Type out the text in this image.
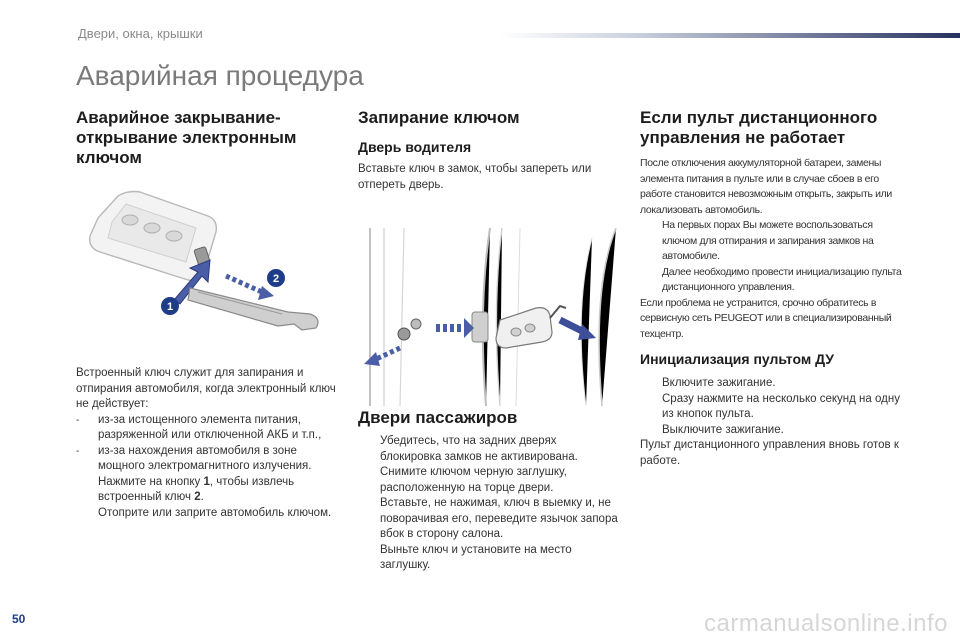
Двери, окна, крышки
Аварийная процедура
Аварийное закрывание-
открывание электронным
ключом
1
2

Встроенный ключ служит для запирания и отпирания автомобиля, когда электронный ключ не действует:

-	из-за истощенного элемента питания, разряженной или отключенной АКБ и т.п.,
-	из-за нахождения автомобиля в зоне мощного электромагнитного излучения.
Нажмите на кнопку 1, чтобы извлечь встроенный ключ 2.
Отоприте или заприте автомобиль ключом.
Запирание ключом
Дверь водителя

Вставьте ключ в замок, чтобы запереть или отпереть дверь.

Двери пассажиров
Убедитесь, что на задних дверях блокировка замков не активирована.
Снимите ключом черную заглушку, расположенную на торце двери.
Вставьте, не нажимая, ключ в выемку и, не поворачивая его, переведите язычок запора вбок в сторону салона.
Выньте ключ и установите на место заглушку.
Если пульт дистанционного
управления не работает

После отключения аккумуляторной батареи, замены элемента питания в пульте или в случае сбоев в его работе становится невозможным открыть, закрыть или локализовать автомобиль.

На первых порах Вы можете воспользоваться ключом для отпирания и запирания замков на автомобиле.
Далее необходимо провести инициализацию пульта дистанционного управления.

Если проблема не устранится, срочно обратитесь в сервисную сеть PEUGEOT или в специализированный техцентр.

Инициализация пультом ДУ
Включите зажигание.
Сразу нажмите на несколько секунд на одну из кнопок пульта.
Выключите зажигание.

Пульт дистанционного управления вновь готов к работе.

50	carmanualsonline.info
